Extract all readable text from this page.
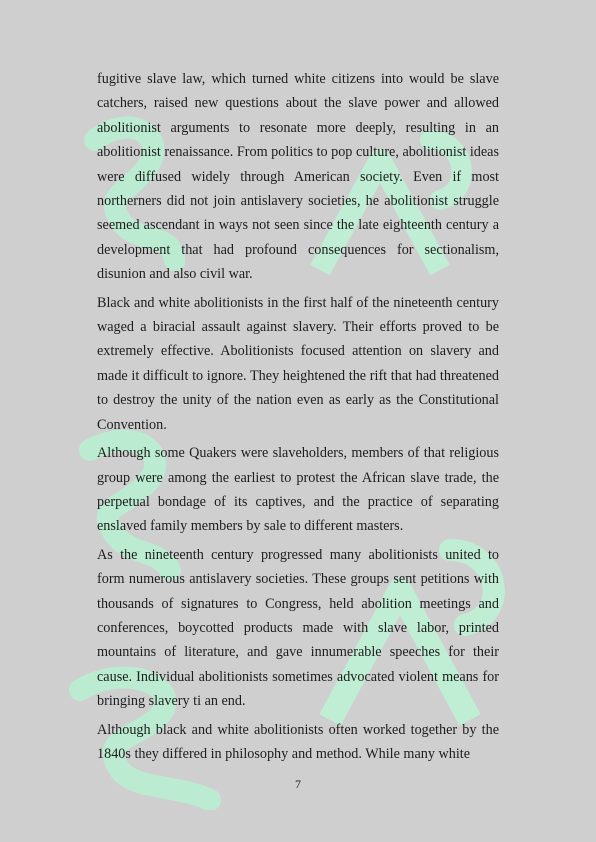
fugitive slave law, which turned white citizens into would be slave catchers, raised new questions about the slave power and allowed abolitionist arguments to resonate more deeply, resulting in an abolitionist renaissance. From politics to pop culture, abolitionist ideas were diffused widely through American society. Even if most northerners did not join antislavery societies, he abolitionist struggle seemed ascendant in ways not seen since the late eighteenth century a development that had profound consequences for sectionalism, disunion and also civil war.

Black and white abolitionists in the first half of the nineteenth century waged a biracial assault against slavery. Their efforts proved to be extremely effective. Abolitionists focused attention on slavery and made it difficult to ignore. They heightened the rift that had threatened to destroy the unity of the nation even as early as the Constitutional Convention.

Although some Quakers were slaveholders, members of that religious group were among the earliest to protest the African slave trade, the perpetual bondage of its captives, and the practice of separating enslaved family members by sale to different masters.

As the nineteenth century progressed many abolitionists united to form numerous antislavery societies. These groups sent petitions with thousands of signatures to Congress, held abolition meetings and conferences, boycotted products made with slave labor, printed mountains of literature, and gave innumerable speeches for their cause. Individual abolitionists sometimes advocated violent means for bringing slavery ti an end.

Although black and white abolitionists often worked together by the 1840s they differed in philosophy and method. While many white

7
